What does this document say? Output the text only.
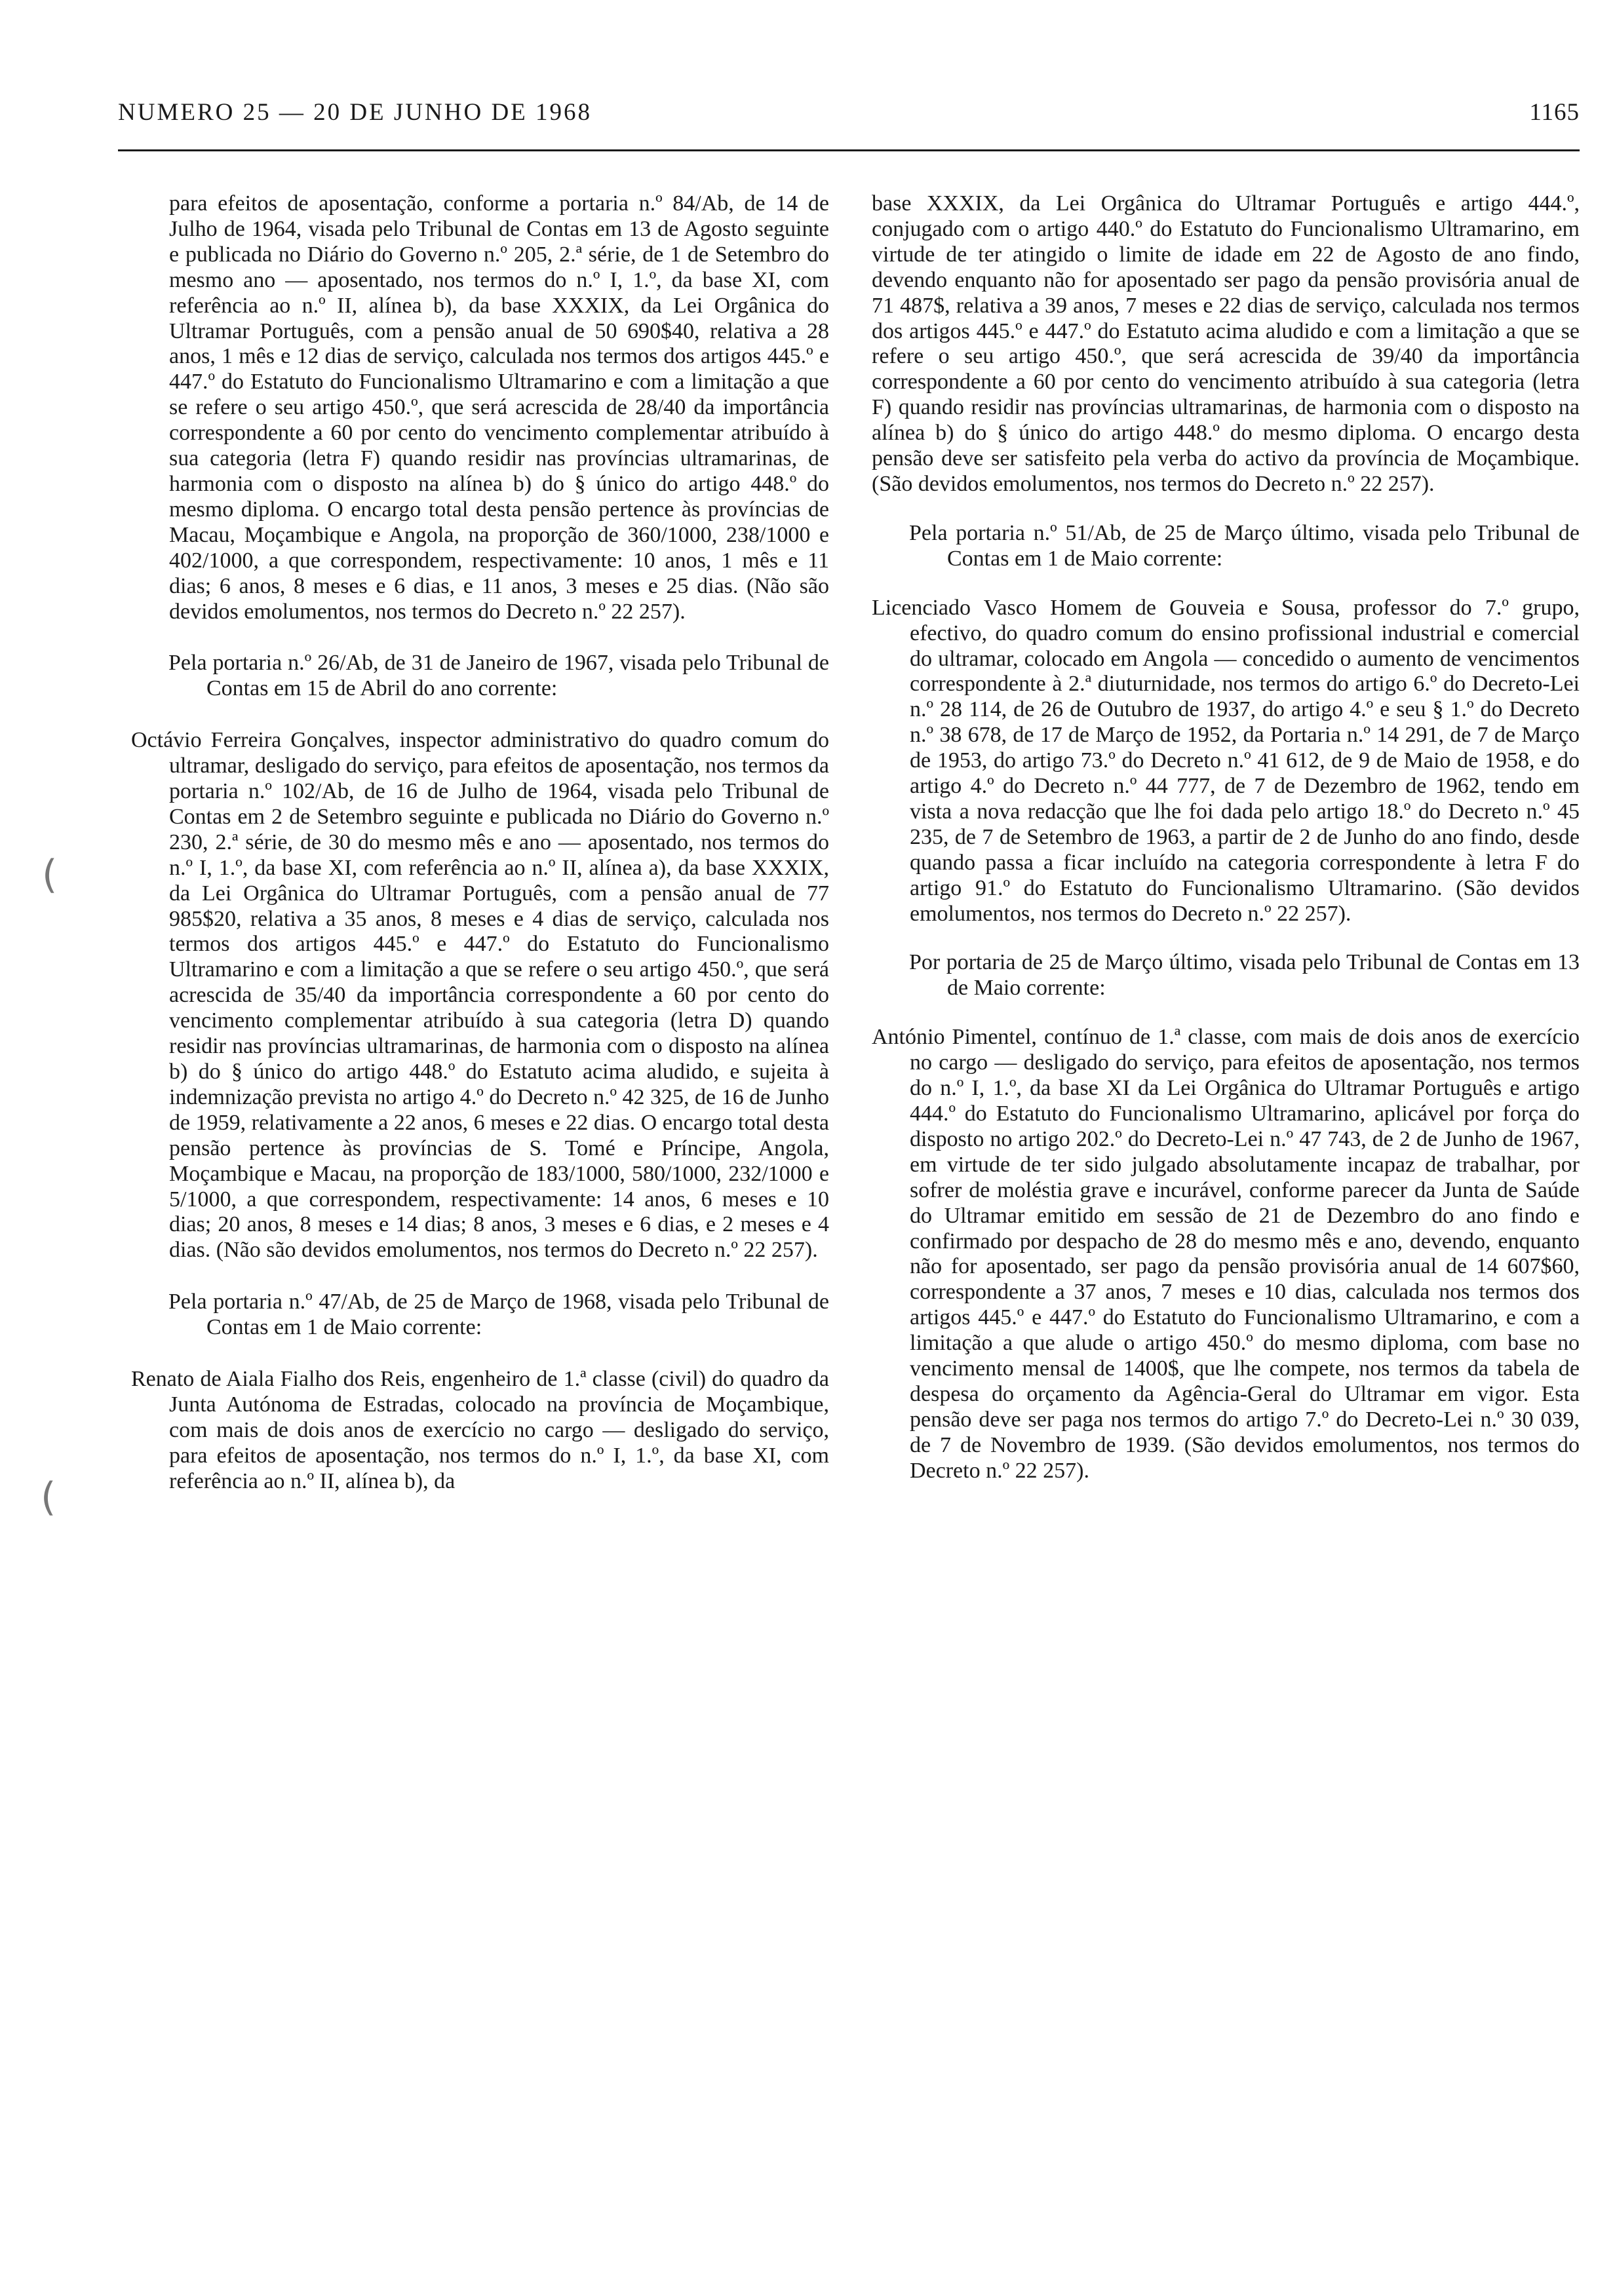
NUMERO 25 — 20 DE JUNHO DE 1968	1165
(
(

para efeitos de aposentação, conforme a portaria n.º 84/Ab, de 14 de Julho de 1964, visada pelo Tribunal de Contas em 13 de Agosto seguinte e publicada no Diário do Governo n.º 205, 2.ª série, de 1 de Setembro do mesmo ano — aposentado, nos termos do n.º I, 1.º, da base XI, com referência ao n.º II, alínea b), da base XXXIX, da Lei Orgânica do Ultramar Português, com a pensão anual de 50 690$40, relativa a 28 anos, 1 mês e 12 dias de serviço, calculada nos termos dos artigos 445.º e 447.º do Estatuto do Funcionalismo Ultramarino e com a limitação a que se refere o seu artigo 450.º, que será acrescida de 28/40 da importância correspondente a 60 por cento do vencimento complementar atribuído à sua categoria (letra F) quando residir nas províncias ultramarinas, de harmonia com o disposto na alínea b) do § único do artigo 448.º do mesmo diploma. O encargo total desta pensão pertence às províncias de Macau, Moçambique e Angola, na proporção de 360/1000, 238/1000 e 402/1000, a que correspondem, respectivamente: 10 anos, 1 mês e 11 dias; 6 anos, 8 meses e 6 dias, e 11 anos, 3 meses e 25 dias. (Não são devidos emolumentos, nos termos do Decreto n.º 22 257).

Pela portaria n.º 26/Ab, de 31 de Janeiro de 1967, visada pelo Tribunal de Contas em 15 de Abril do ano corrente:

Octávio Ferreira Gonçalves, inspector administrativo do quadro comum do ultramar, desligado do serviço, para efeitos de aposentação, nos termos da portaria n.º 102/Ab, de 16 de Julho de 1964, visada pelo Tribunal de Contas em 2 de Setembro seguinte e publicada no Diário do Governo n.º 230, 2.ª série, de 30 do mesmo mês e ano — aposentado, nos termos do n.º I, 1.º, da base XI, com referência ao n.º II, alínea a), da base XXXIX, da Lei Orgânica do Ultramar Português, com a pensão anual de 77 985$20, relativa a 35 anos, 8 meses e 4 dias de serviço, calculada nos termos dos artigos 445.º e 447.º do Estatuto do Funcionalismo Ultramarino e com a limitação a que se refere o seu artigo 450.º, que será acrescida de 35/40 da importância correspondente a 60 por cento do vencimento complementar atribuído à sua categoria (letra D) quando residir nas províncias ultramarinas, de harmonia com o disposto na alínea b) do § único do artigo 448.º do Estatuto acima aludido, e sujeita à indemnização prevista no artigo 4.º do Decreto n.º 42 325, de 16 de Junho de 1959, relativamente a 22 anos, 6 meses e 22 dias. O encargo total desta pensão pertence às províncias de S. Tomé e Príncipe, Angola, Moçambique e Macau, na proporção de 183/1000, 580/1000, 232/1000 e 5/1000, a que correspondem, respectivamente: 14 anos, 6 meses e 10 dias; 20 anos, 8 meses e 14 dias; 8 anos, 3 meses e 6 dias, e 2 meses e 4 dias. (Não são devidos emolumentos, nos termos do Decreto n.º 22 257).

Pela portaria n.º 47/Ab, de 25 de Março de 1968, visada pelo Tribunal de Contas em 1 de Maio corrente:

Renato de Aiala Fialho dos Reis, engenheiro de 1.ª classe (civil) do quadro da Junta Autónoma de Estradas, colocado na província de Moçambique, com mais de dois anos de exercício no cargo — desligado do serviço, para efeitos de aposentação, nos termos do n.º I, 1.º, da base XI, com referência ao n.º II, alínea b), da

base XXXIX, da Lei Orgânica do Ultramar Português e artigo 444.º, conjugado com o artigo 440.º do Estatuto do Funcionalismo Ultramarino, em virtude de ter atingido o limite de idade em 22 de Agosto de ano findo, devendo enquanto não for aposentado ser pago da pensão provisória anual de 71 487$, relativa a 39 anos, 7 meses e 22 dias de serviço, calculada nos termos dos artigos 445.º e 447.º do Estatuto acima aludido e com a limitação a que se refere o seu artigo 450.º, que será acrescida de 39/40 da importância correspondente a 60 por cento do vencimento atribuído à sua categoria (letra F) quando residir nas províncias ultramarinas, de harmonia com o disposto na alínea b) do § único do artigo 448.º do mesmo diploma. O encargo desta pensão deve ser satisfeito pela verba do activo da província de Moçambique. (São devidos emolumentos, nos termos do Decreto n.º 22 257).

Pela portaria n.º 51/Ab, de 25 de Março último, visada pelo Tribunal de Contas em 1 de Maio corrente:

Licenciado Vasco Homem de Gouveia e Sousa, professor do 7.º grupo, efectivo, do quadro comum do ensino profissional industrial e comercial do ultramar, colocado em Angola — concedido o aumento de vencimentos correspondente à 2.ª diuturnidade, nos termos do artigo 6.º do Decreto-Lei n.º 28 114, de 26 de Outubro de 1937, do artigo 4.º e seu § 1.º do Decreto n.º 38 678, de 17 de Março de 1952, da Portaria n.º 14 291, de 7 de Março de 1953, do artigo 73.º do Decreto n.º 41 612, de 9 de Maio de 1958, e do artigo 4.º do Decreto n.º 44 777, de 7 de Dezembro de 1962, tendo em vista a nova redacção que lhe foi dada pelo artigo 18.º do Decreto n.º 45 235, de 7 de Setembro de 1963, a partir de 2 de Junho do ano findo, desde quando passa a ficar incluído na categoria correspondente à letra F do artigo 91.º do Estatuto do Funcionalismo Ultramarino. (São devidos emolumentos, nos termos do Decreto n.º 22 257).

Por portaria de 25 de Março último, visada pelo Tribunal de Contas em 13 de Maio corrente:

António Pimentel, contínuo de 1.ª classe, com mais de dois anos de exercício no cargo — desligado do serviço, para efeitos de aposentação, nos termos do n.º I, 1.º, da base XI da Lei Orgânica do Ultramar Português e artigo 444.º do Estatuto do Funcionalismo Ultramarino, aplicável por força do disposto no artigo 202.º do Decreto-Lei n.º 47 743, de 2 de Junho de 1967, em virtude de ter sido julgado absolutamente incapaz de trabalhar, por sofrer de moléstia grave e incurável, conforme parecer da Junta de Saúde do Ultramar emitido em sessão de 21 de Dezembro do ano findo e confirmado por despacho de 28 do mesmo mês e ano, devendo, enquanto não for aposentado, ser pago da pensão provisória anual de 14 607$60, correspondente a 37 anos, 7 meses e 10 dias, calculada nos termos dos artigos 445.º e 447.º do Estatuto do Funcionalismo Ultramarino, e com a limitação a que alude o artigo 450.º do mesmo diploma, com base no vencimento mensal de 1400$, que lhe compete, nos termos da tabela de despesa do orçamento da Agência-Geral do Ultramar em vigor. Esta pensão deve ser paga nos termos do artigo 7.º do Decreto-Lei n.º 30 039, de 7 de Novembro de 1939. (São devidos emolumentos, nos termos do Decreto n.º 22 257).
